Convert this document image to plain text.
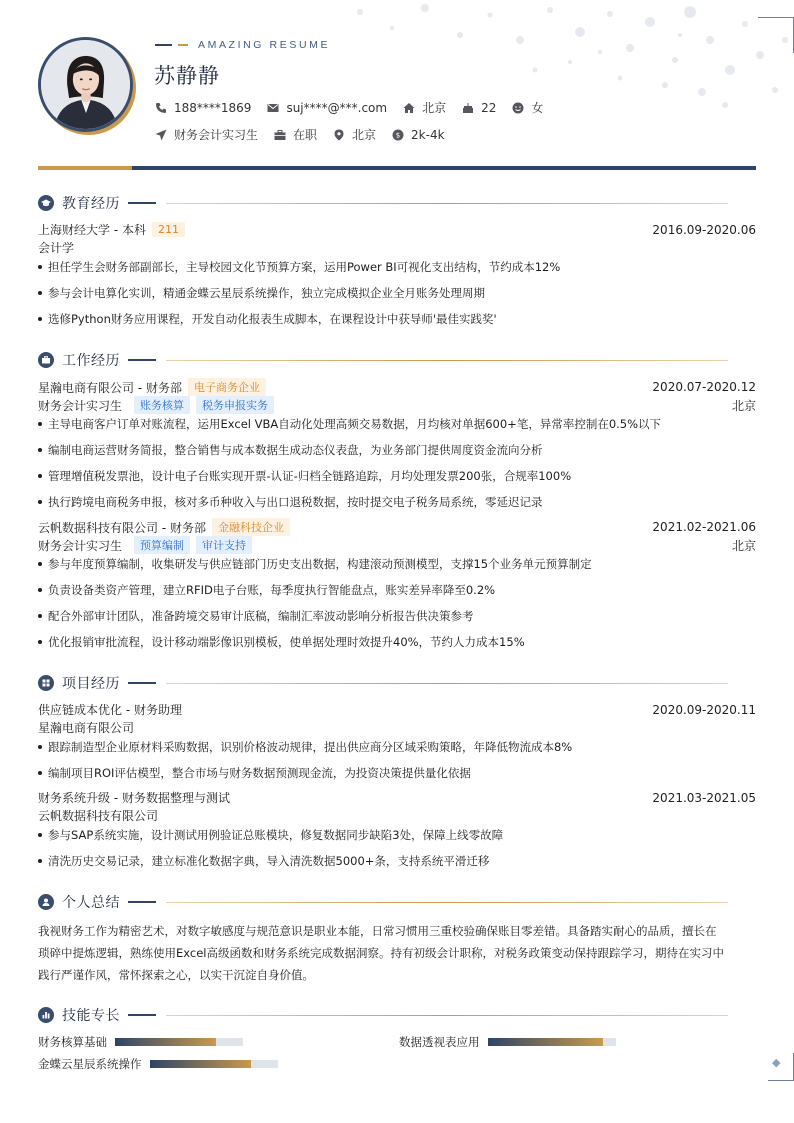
◆
AMAZING RESUME
苏静静
188****1869	suj****@***.com	北京	22	女
财务会计实习生	在职	北京	$ 2k-4k
教育经历
上海财经大学 - 本科	211	2016.09-2020.06
会计学
担任学生会财务部副部长，主导校园文化节预算方案，运用Power BI可视化支出结构，节约成本12%
参与会计电算化实训，精通金蝶云星辰系统操作，独立完成模拟企业全月账务处理周期
选修Python财务应用课程，开发自动化报表生成脚本，在课程设计中获导师'最佳实践奖'
工作经历
星瀚电商有限公司 - 财务部	电子商务企业	2020.07-2020.12
财务会计实习生	账务核算	税务申报实务	北京
主导电商客户订单对账流程，运用Excel VBA自动化处理高频交易数据，月均核对单据600+笔，异常率控制在0.5%以下
编制电商运营财务简报，整合销售与成本数据生成动态仪表盘，为业务部门提供周度资金流向分析
管理增值税发票池，设计电子台账实现开票-认证-归档全链路追踪，月均处理发票200张，合规率100%
执行跨境电商税务申报，核对多币种收入与出口退税数据，按时提交电子税务局系统，零延迟记录
云帆数据科技有限公司 - 财务部	金融科技企业	2021.02-2021.06
财务会计实习生	预算编制	审计支持	北京
参与年度预算编制，收集研发与供应链部门历史支出数据，构建滚动预测模型，支撑15个业务单元预算制定
负责设备类资产管理，建立RFID电子台账，每季度执行智能盘点，账实差异率降至0.2%
配合外部审计团队，准备跨境交易审计底稿，编制汇率波动影响分析报告供决策参考
优化报销审批流程，设计移动端影像识别模板，使单据处理时效提升40%，节约人力成本15%
项目经历
供应链成本优化 - 财务助理	2020.09-2020.11
星瀚电商有限公司
跟踪制造型企业原材料采购数据，识别价格波动规律，提出供应商分区域采购策略，年降低物流成本8%
编制项目ROI评估模型，整合市场与财务数据预测现金流，为投资决策提供量化依据
财务系统升级 - 财务数据整理与测试	2021.03-2021.05
云帆数据科技有限公司
参与SAP系统实施，设计测试用例验证总账模块，修复数据同步缺陷3处，保障上线零故障
清洗历史交易记录，建立标准化数据字典，导入清洗数据5000+条，支持系统平滑迁移
个人总结
我视财务工作为精密艺术，对数字敏感度与规范意识是职业本能，日常习惯用三重校验确保账目零差错。具备踏实耐心的品质，擅长在
琐碎中提炼逻辑，熟练使用Excel高级函数和财务系统完成数据洞察。持有初级会计职称，对税务政策变动保持跟踪学习，期待在实习中
践行严谨作风，常怀探索之心，以实干沉淀自身价值。
技能专长
财务核算基础	数据透视表应用
金蝶云星辰系统操作
